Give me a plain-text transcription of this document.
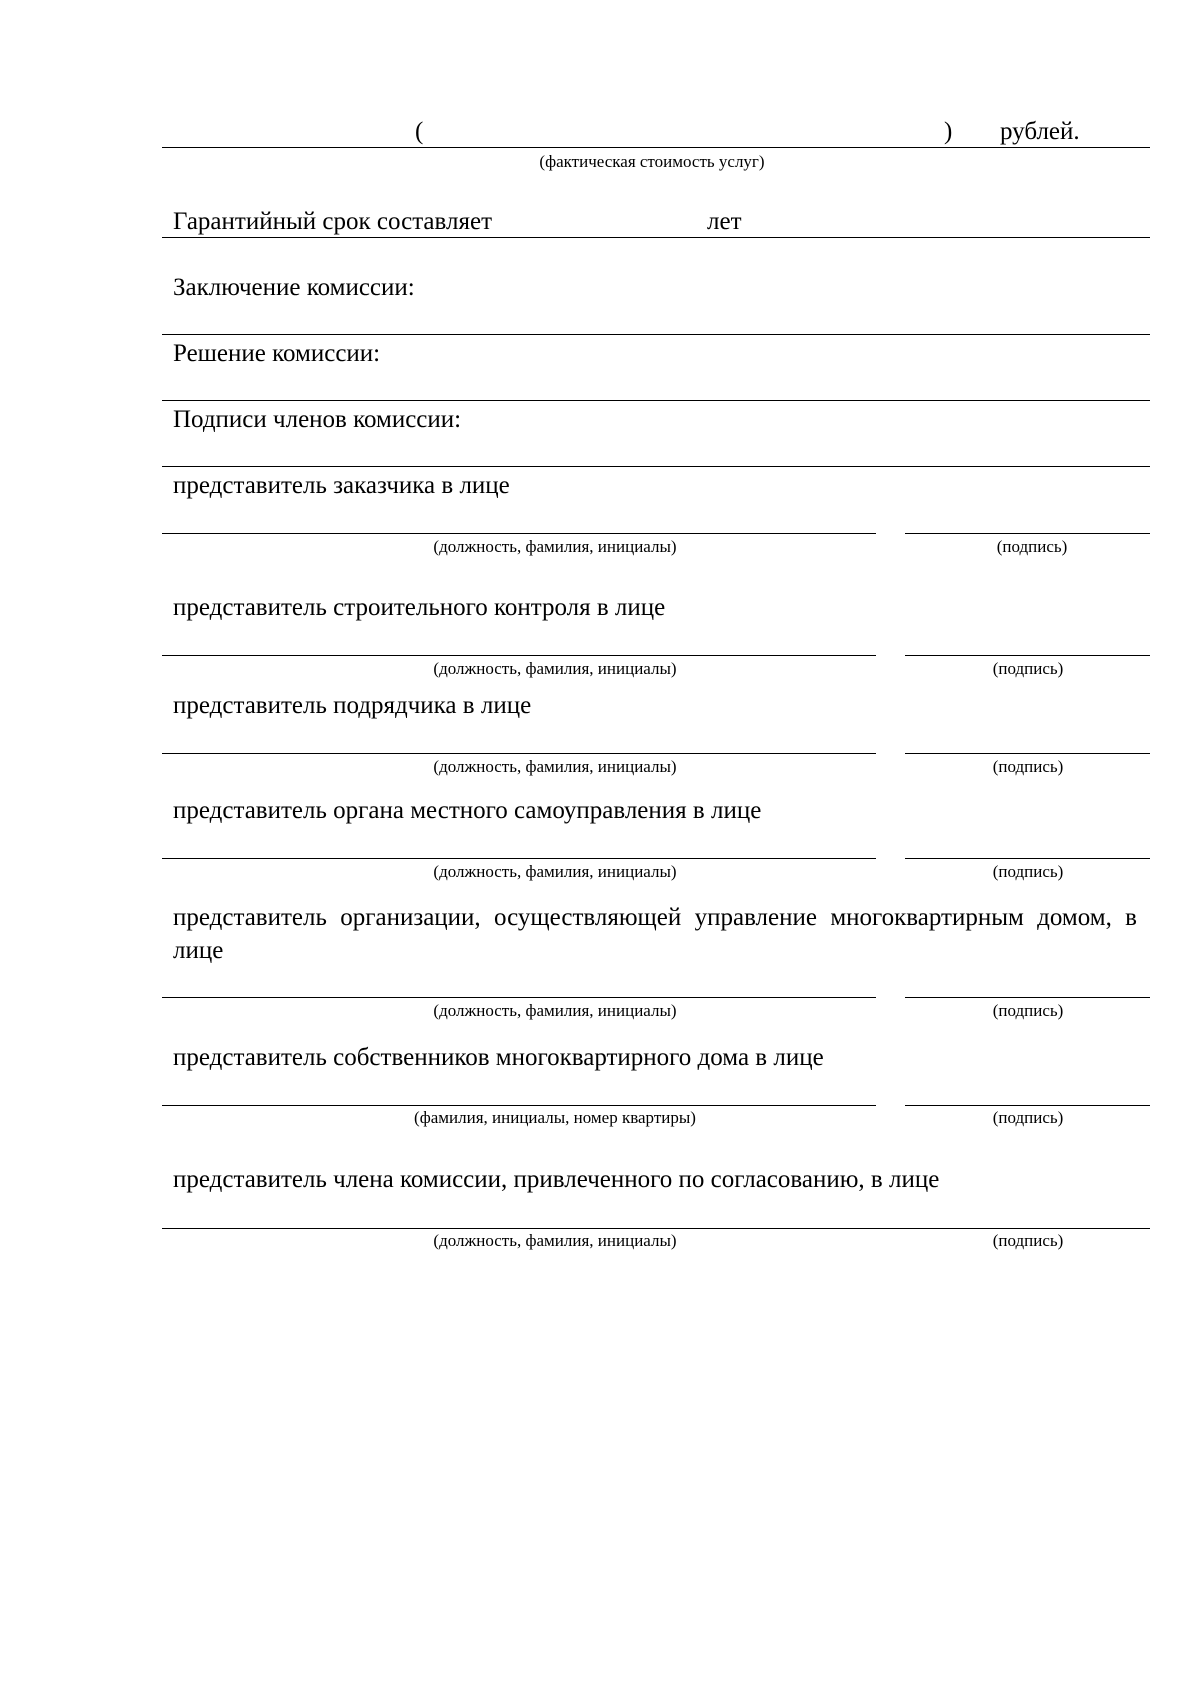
(	) рублей.
(фактическая стоимость услуг)
Гарантийный срок составляет	лет
Заключение комиссии:
Решение комиссии:
Подписи членов комиссии:
представитель заказчика в лице
(должность, фамилия, инициалы)	(подпись)
представитель строительного контроля в лице
(должность, фамилия, инициалы)	(подпись)
представитель подрядчика в лице
(должность, фамилия, инициалы)	(подпись)
представитель органа местного самоуправления в лице
(должность, фамилия, инициалы)	(подпись)
представитель организации, осуществляющей управление многоквартирным домом, в лице
(должность, фамилия, инициалы)	(подпись)
представитель собственников многоквартирного дома в лице
(фамилия, инициалы, номер квартиры)	(подпись)
представитель члена комиссии, привлеченного по согласованию, в лице
(должность, фамилия, инициалы)	(подпись)
